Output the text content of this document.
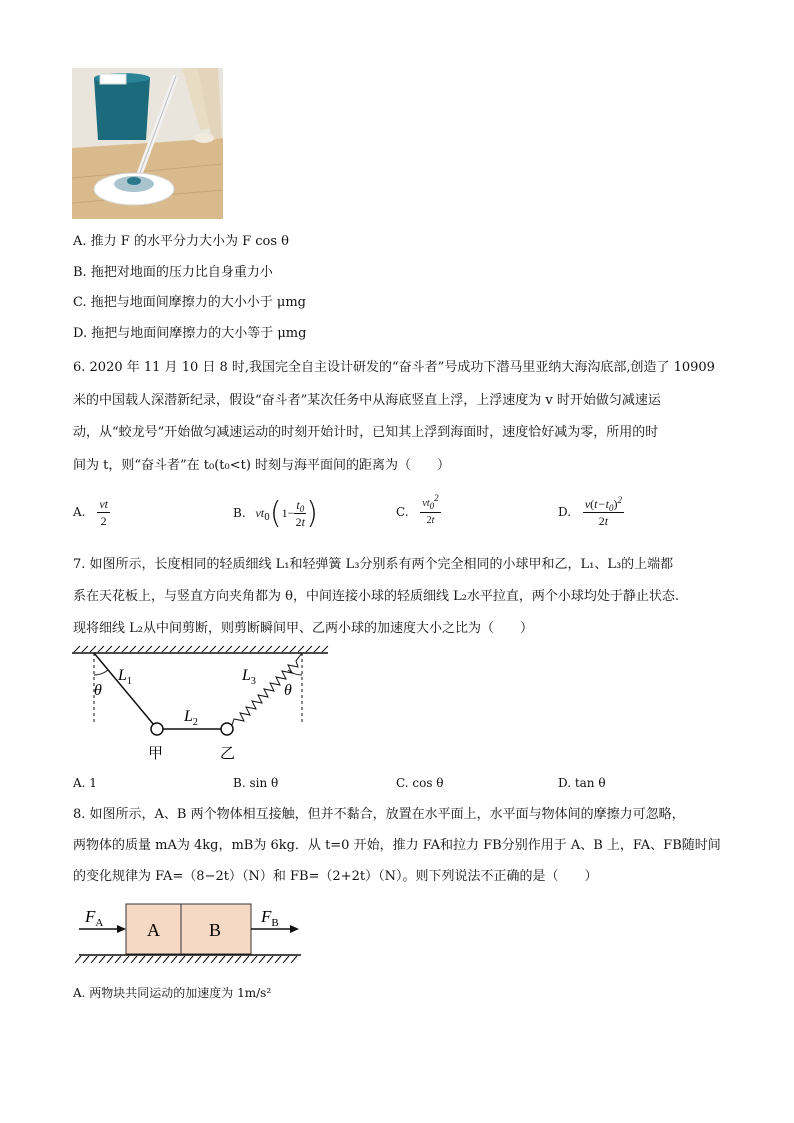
A. 推力 F 的水平分力大小为 F cos θ
B. 拖把对地面的压力比自身重力小
C. 拖把与地面间摩擦力的大小小于 μmg
D. 拖把与地面间摩擦力的大小等于 μmg
6. 2020 年 11 月 10 日 8 时,我国完全自主设计研发的“奋斗者”号成功下潜马里亚纳大海沟底部,创造了 10909
米的中国载人深潜新纪录，假设“奋斗者”某次任务中从海底竖直上浮，上浮速度为 v 时开始做匀减速运
动，从“蛟龙号”开始做匀减速运动的时刻开始计时，已知其上浮到海面时，速度恰好减为零，所用的时
间为 t，则“奋斗者”在 t₀(t₀<t) 时刻与海平面间的距离为（　　）
A. $\frac{vt}{2}$	B. $vt_0(1- \frac{t_0}{2t}$ )	C. $\frac{vt_0^2}{2t}$	D. $\frac{v(t-t_0)^2}{2t}$
7. 如图所示，长度相同的轻质细线 L₁和轻弹簧 L₃分别系有两个完全相同的小球甲和乙，L₁、L₃的上端都
系在天花板上，与竖直方向夹角都为 θ，中间连接小球的轻质细线 L₂水平拉直，两个小球均处于静止状态.
现将细线 L₂从中间剪断，则剪断瞬间甲、乙两小球的加速度大小之比为（　　）
$L_1$
$L_2$
$L_3$
θ	θ
甲	乙
A. 1	B. sin θ	C. cos θ	D. tan θ
8. 如图所示，A、B 两个物体相互接触，但并不黏合，放置在水平面上，水平面与物体间的摩擦力可忽略，
两物体的质量 mA为 4kg，mB为 6kg．从 t=0 开始，推力 FA和拉力 FB分别作用于 A、B 上，FA、FB随时间
的变化规律为 FA=（8−2t）（N）和 FB=（2+2t）（N）。则下列说法不正确的是（　　）
A	B
$F_A$	$F_B$
A. 两物块共同运动的加速度为 1m/s²
